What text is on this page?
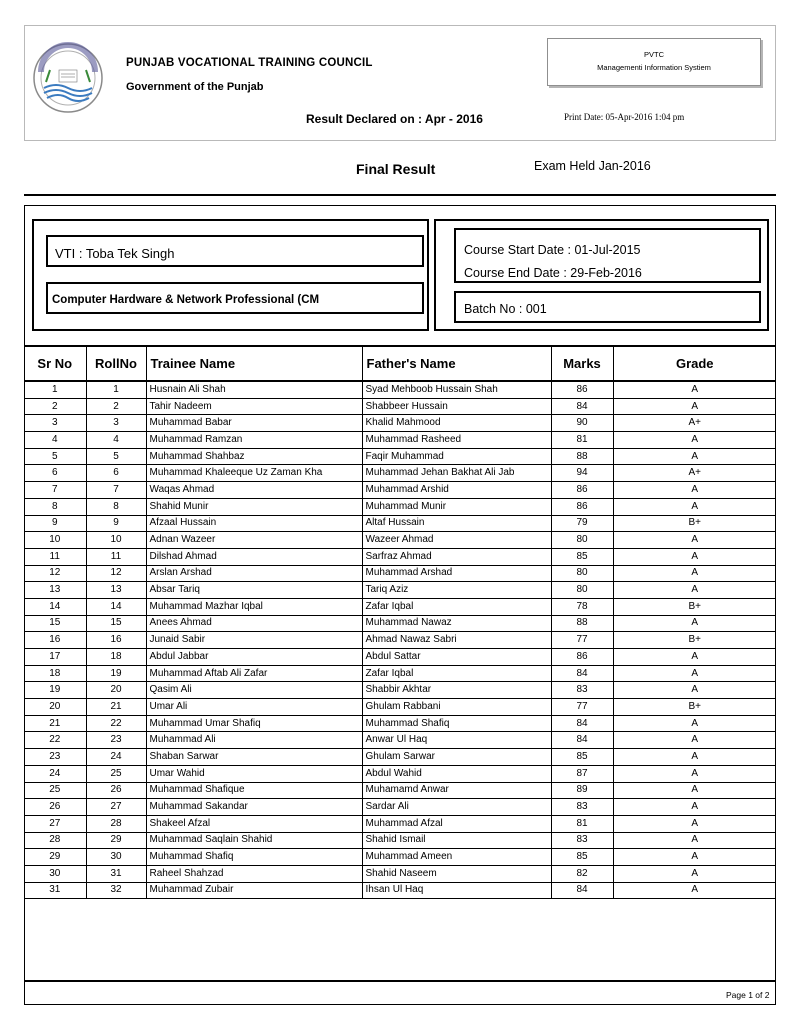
PUNJAB VOCATIONAL TRAINING COUNCIL
Government of the Punjab
PVTC
Managementi Information Systiem
Result Declared on : Apr - 2016	Print Date: 05-Apr-2016 1:04 pm
Final Result	Exam Held Jan-2016
VTI : Toba Tek Singh
Computer Hardware & Network Professional (CM
Course Start Date : 01-Jul-2015
Course End Date : 29-Feb-2016
Batch No : 001
Sr No	RollNo	Trainee Name	Father's Name	Marks	Grade
1	1	Husnain Ali Shah	Syad Mehboob Hussain Shah	86	A
2	2	Tahir Nadeem	Shabbeer Hussain	84	A
3	3	Muhammad Babar	Khalid Mahmood	90	A+
4	4	Muhammad Ramzan	Muhammad Rasheed	81	A
5	5	Muhammad Shahbaz	Faqir Muhammad	88	A
6	6	Muhammad Khaleeque Uz Zaman Kha	Muhammad Jehan Bakhat Ali Jab	94	A+
7	7	Waqas Ahmad	Muhammad Arshid	86	A
8	8	Shahid Munir	Muhammad Munir	86	A
9	9	Afzaal Hussain	Altaf Hussain	79	B+
10	10	Adnan Wazeer	Wazeer Ahmad	80	A
11	11	Dilshad Ahmad	Sarfraz Ahmad	85	A
12	12	Arslan Arshad	Muhammad Arshad	80	A
13	13	Absar Tariq	Tariq Aziz	80	A
14	14	Muhammad Mazhar Iqbal	Zafar Iqbal	78	B+
15	15	Anees Ahmad	Muhammad Nawaz	88	A
16	16	Junaid Sabir	Ahmad Nawaz Sabri	77	B+
17	18	Abdul Jabbar	Abdul Sattar	86	A
18	19	Muhammad Aftab Ali Zafar	Zafar Iqbal	84	A
19	20	Qasim Ali	Shabbir Akhtar	83	A
20	21	Umar Ali	Ghulam Rabbani	77	B+
21	22	Muhammad Umar Shafiq	Muhammad Shafiq	84	A
22	23	Muhammad Ali	Anwar Ul Haq	84	A
23	24	Shaban Sarwar	Ghulam Sarwar	85	A
24	25	Umar Wahid	Abdul Wahid	87	A
25	26	Muhammad Shafique	Muhamamd Anwar	89	A
26	27	Muhammad Sakandar	Sardar Ali	83	A
27	28	Shakeel Afzal	Muhammad Afzal	81	A
28	29	Muhammad Saqlain Shahid	Shahid Ismail	83	A
29	30	Muhammad Shafiq	Muhammad Ameen	85	A
30	31	Raheel Shahzad	Shahid Naseem	82	A
31	32	Muhammad Zubair	Ihsan Ul Haq	84	A
Page 1 of 2
